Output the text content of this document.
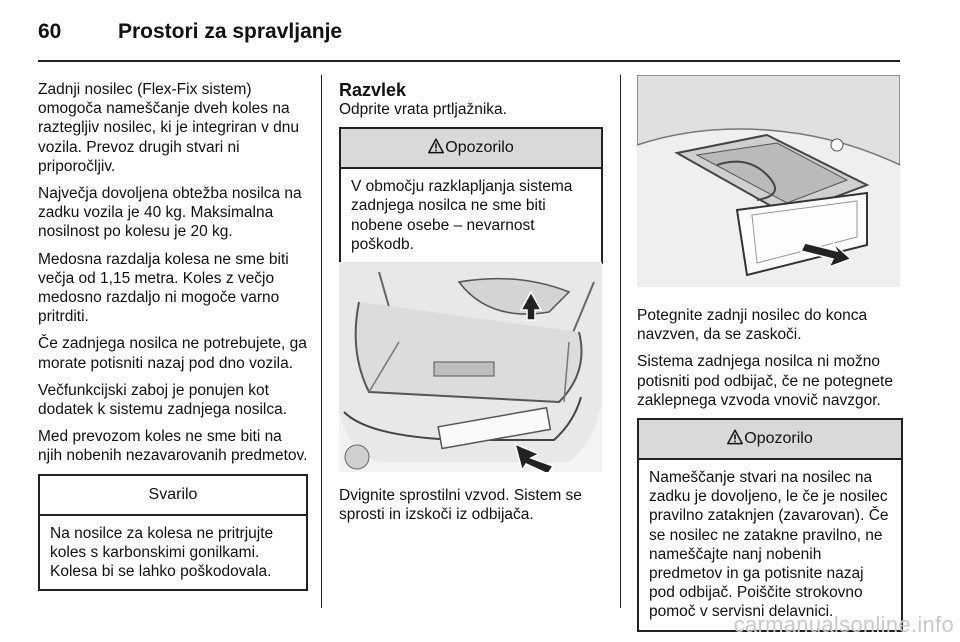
60	Prostori za spravljanje

Zadnji nosilec (Flex-Fix sistem) omogoča nameščanje dveh koles na raztegljiv nosilec, ki je integriran v dnu vozila. Prevoz drugih stvari ni priporočljiv.

Največja dovoljena obtežba nosilca na zadku vozila je 40 kg. Maksimalna nosilnost po kolesu je 20 kg.

Medosna razdalja kolesa ne sme biti večja od 1,15 metra. Koles z večjo medosno razdaljo ni mogoče varno pritrditi.

Če zadnjega nosilca ne potrebujete, ga morate potisniti nazaj pod dno vozila.

Večfunkcijski zaboj je ponujen kot dodatek k sistemu zadnjega nosilca.

Med prevozom koles ne sme biti na njih nobenih nezavarovanih predmetov.

Svarilo
Na nosilce za kolesa ne pritrjujte koles s karbonskimi gonilkami. Kolesa bi se lahko poškodovala.
Razvlek

Odprite vrata prtljažnika.

Opozorilo
V območju razklapljanja sistema zadnjega nosilca ne sme biti nobene osebe – nevarnost poškodb.

Dvignite sprostilni vzvod. Sistem se sprosti in izskoči iz odbijača.

Potegnite zadnji nosilec do konca navzven, da se zaskoči.

Sistema zadnjega nosilca ni možno potisniti pod odbijač, če ne potegnete zaklepnega vzvoda vnovič navzgor.

Opozorilo
Nameščanje stvari na nosilec na zadku je dovoljeno, le če je nosilec pravilno zataknjen (zavarovan). Če se nosilec ne zatakne pravilno, ne nameščajte nanj nobenih predmetov in ga potisnite nazaj pod odbijač. Poiščite strokovno pomoč v servisni delavnici.
carmanualsonline.info
